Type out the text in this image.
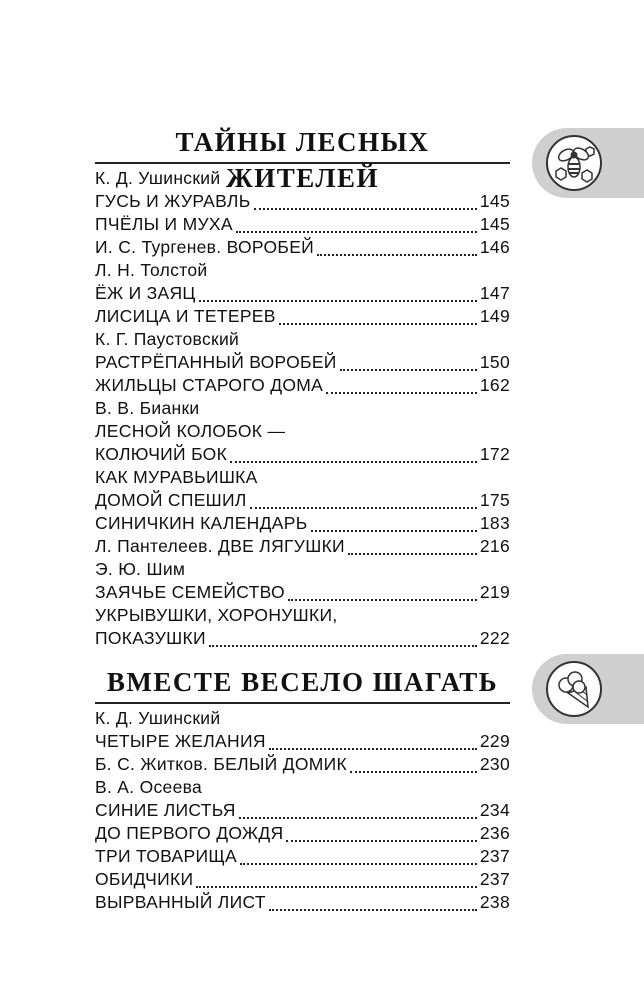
ТАЙНЫ ЛЕСНЫХ ЖИТЕЛЕЙ
К. Д. Ушинский
ГУСЬ И ЖУРАВЛЬ	145
ПЧЁЛЫ И МУХА	145
И. С. Тургенев. ВОРОБЕЙ	146
Л. Н. Толстой
ЁЖ И ЗАЯЦ	147
ЛИСИЦА И ТЕТЕРЕВ	149
К. Г. Паустовский
РАСТРЁПАННЫЙ ВОРОБЕЙ	150
ЖИЛЬЦЫ СТАРОГО ДОМА	162
В. В. Бианки
ЛЕСНОЙ КОЛОБОК —
КОЛЮЧИЙ БОК	172
КАК МУРАВЬИШКА
ДОМОЙ СПЕШИЛ	175
СИНИЧКИН КАЛЕНДАРЬ	183
Л. Пантелеев. ДВЕ ЛЯГУШКИ	216
Э. Ю. Шим
ЗАЯЧЬЕ СЕМЕЙСТВО	219
УКРЫВУШКИ, ХОРОНУШКИ,
ПОКАЗУШКИ	222
ВМЕСТЕ ВЕСЕЛО ШАГАТЬ
К. Д. Ушинский
ЧЕТЫРЕ ЖЕЛАНИЯ	229
Б. С. Житков. БЕЛЫЙ ДОМИК	230
В. А. Осеева
СИНИЕ ЛИСТЬЯ	234
ДО ПЕРВОГО ДОЖДЯ	236
ТРИ ТОВАРИЩА	237
ОБИДЧИКИ	237
ВЫРВАННЫЙ ЛИСТ	238
